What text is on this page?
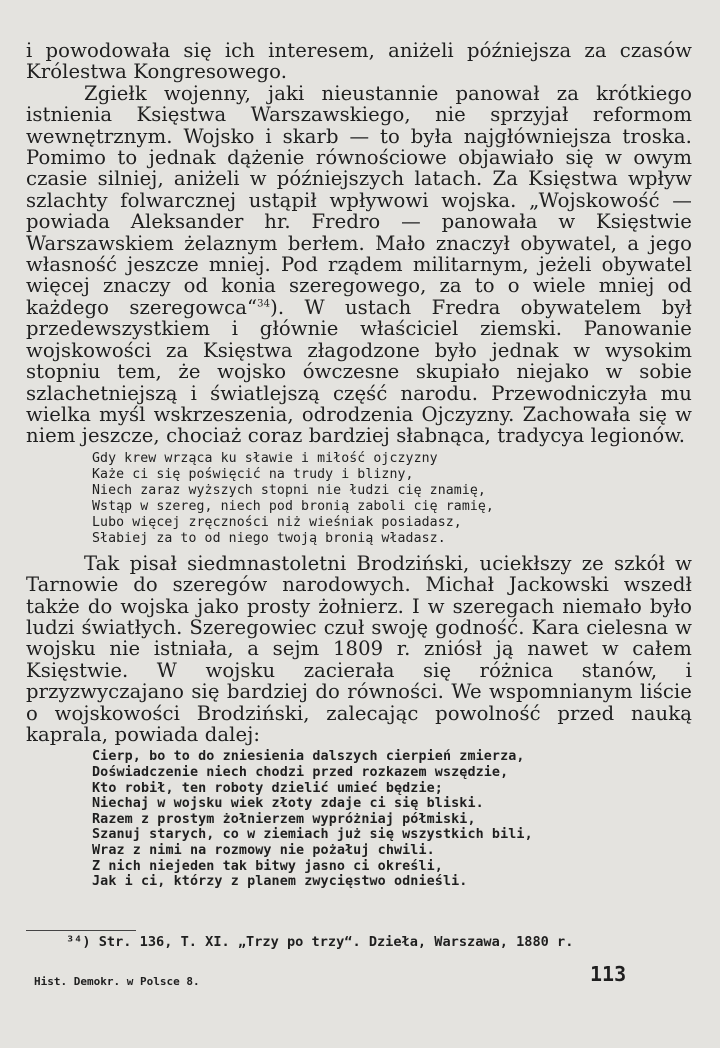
i powodowała się ich interesem, aniżeli późniejsza za czasów Królestwa Kongresowego.

Zgiełk wojenny, jaki nieustannie panował za krótkiego istnienia Księstwa Warszawskiego, nie sprzyjał reformom wewnętrznym. Wojsko i skarb — to była najgłówniejsza troska. Pomimo to jednak dążenie równościowe objawiało się w owym czasie silniej, aniżeli w późniejszych latach. Za Księstwa wpływ szlachty folwarcznej ustąpił wpływowi wojska. „Wojskowość — powiada Aleksander hr. Fredro — panowała w Księstwie Warszawskiem żelaznym berłem. Mało znaczył obywatel, a jego własność jeszcze mniej. Pod rządem militarnym, jeżeli obywatel więcej znaczy od konia szeregowego, za to o wiele mniej od każdego szeregowca“$^{34}$). W ustach Fredra obywatelem był przedewszystkiem i głównie właściciel ziemski. Panowanie wojskowości za Księstwa złagodzone było jednak w wysokim stopniu tem, że wojsko ówczesne skupiało niejako w sobie szlachetniejszą i światlejszą część narodu. Przewodniczyła mu wielka myśl wskrzeszenia, odrodzenia Ojczyzny. Zachowała się w niem jeszcze, chociaż coraz bardziej słabnąca, tradycya legionów.

Gdy krew wrząca ku sławie i miłość ojczyzny
Każe ci się poświęcić na trudy i blizny,
Niech zaraz wyższych stopni nie łudzi cię znamię,
Wstąp w szereg, niech pod bronią zaboli cię ramię,
Lubo więcej zręczności niż wieśniak posiadasz,
Słabiej za to od niego twoją bronią władasz.

Tak pisał siedmnastoletni Brodziński, uciekłszy ze szkół w Tarnowie do szeregów narodowych. Michał Jackowski wszedł także do wojska jako prosty żołnierz. I w szeregach niemało było ludzi światłych. Szeregowiec czuł swoję godność. Kara cielesna w wojsku nie istniała, a sejm 1809 r. zniósł ją nawet w całem Księstwie. W wojsku zacierała się różnica stanów, i przyzwyczajano się bardziej do równości. We wspomnianym liście o wojskowości Brodziński, zalecając powolność przed nauką kaprala, powiada dalej:

Cierp, bo to do zniesienia dalszych cierpień zmierza,
Doświadczenie niech chodzi przed rozkazem wszędzie,
Kto robił, ten roboty dzielić umieć będzie;
Niechaj w wojsku wiek złoty zdaje ci się bliski.
Razem z prostym żołnierzem wypróżniaj półmiski,
Szanuj starych, co w ziemiach już się wszystkich bili,
Wraz z nimi na rozmowy nie pożałuj chwili.
Z nich niejeden tak bitwy jasno ci określi,
Jak i ci, którzy z planem zwycięstwo odnieśli.
³⁴) Str. 136, T. XI. „Trzy po trzy“. Dzieła, Warszawa, 1880 r.
Hist. Demokr. w Polsce 8.	113
